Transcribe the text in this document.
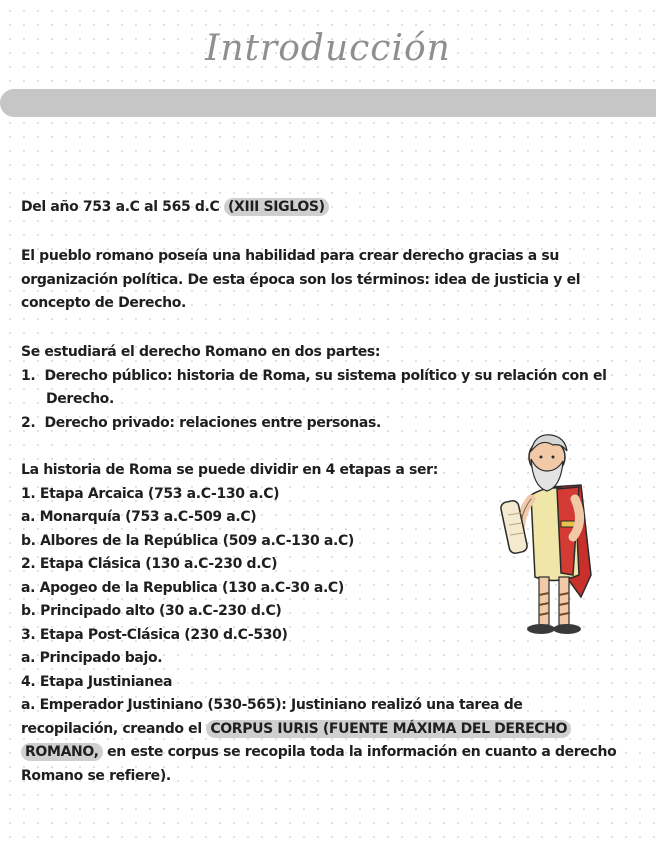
Introducción

Del año 753 a.C al 565 d.C (XIII SIGLOS)

El pueblo romano poseía una habilidad para crear derecho gracias a su
organización política. De esta época son los términos: idea de justicia y el
concepto de Derecho.

Se estudiará el derecho Romano en dos partes:

1. Derecho público: historia de Roma, su sistema político y su relación con el
Derecho.
2. Derecho privado: relaciones entre personas.

La historia de Roma se puede dividir en 4 etapas a ser:
1. Etapa Arcaica (753 a.C-130 a.C)
a. Monarquía (753 a.C-509 a.C)
b. Albores de la República (509 a.C-130 a.C)
2. Etapa Clásica (130 a.C-230 d.C)
a. Apogeo de la Republica (130 a.C-30 a.C)
b. Principado alto (30 a.C-230 d.C)
3. Etapa Post-Clásica (230 d.C-530)
a. Principado bajo.
4. Etapa Justinianea
a. Emperador Justiniano (530-565): Justiniano realizó una tarea de
recopilación, creando el CORPUS IURIS (FUENTE MÁXIMA DEL DERECHO
ROMANO, en este corpus se recopila toda la información en cuanto a derecho
Romano se refiere).
